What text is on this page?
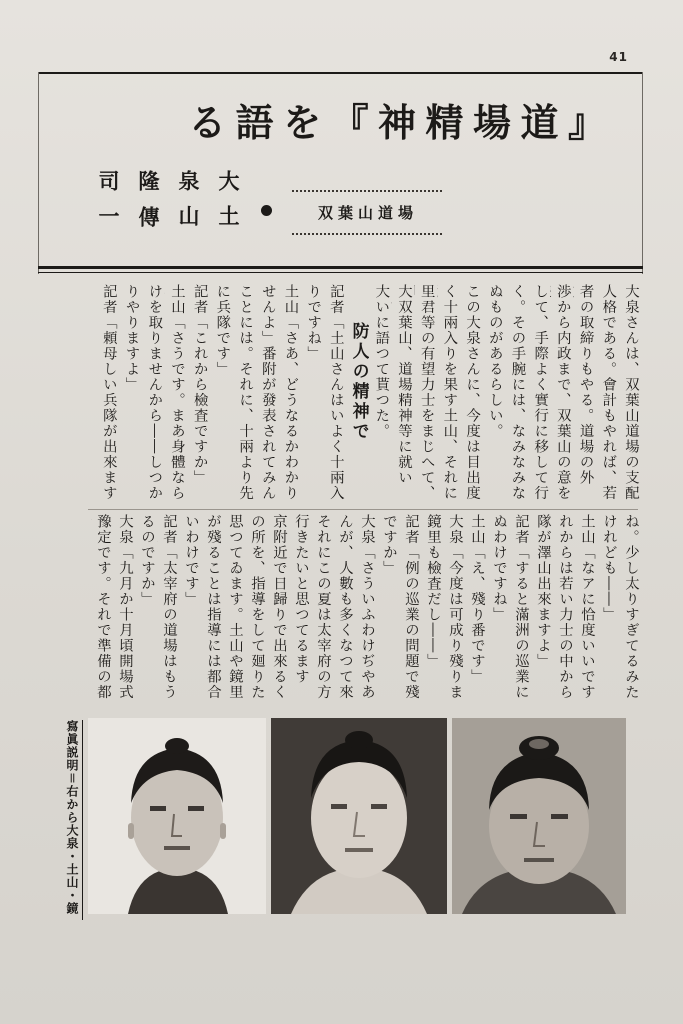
41
『
道
場
精
神
』
を
語
る
大土
泉山
傳
隆
司一	双葉山道場
大泉さんは、双葉山道場の支配
人格である。會計もやれば、若
者の取締りもやる。道場の外
渉から内政まで、双葉山の意を
して、手際よく實行に移して行
く。その手腕には、なみなみな
ぬものがあるらしい。
この大泉さんに、今度は目出度
く十兩入りを果す土山、それに
里君等の有望力士をまじへて、
大双葉山、道場精神等に就い
大いに語つて貰つた。
防人の精神で
記者「土山さんはいよく十兩入
りですね」
土山「さあ、どうなるかわかり
せんよ」番附が發表されてみん
ことには。それに、十兩より先
に兵隊です」
記者「これから檢査ですか」
土山「さうです。まあ身體なら
けを取りませんから――しつか
りやりますよ」
記者「頼母しい兵隊が出來ます
ね。少し太りすぎてるみた
けれども――」
土山「なアに恰度いいです
れからは若い力士の中から
隊が澤山出來ますよ」
記者「すると滿洲の巡業に
ぬわけですね」
土山「え、殘り番です」
大泉「今度は可成り殘りま
鏡里も檢査だし――」
記者「例の巡業の問題で殘
ですか」
大泉「さういふわけぢやあ
んが、人數も多くなつて來
それにこの夏は太宰府の方
行きたいと思つてるます
京附近で日歸りで出來るく
の所を、指導をして廻りた
思つてゐます。土山や鏡里
が殘ることは指導には都合
いわけです」
記者「太宰府の道場はもう
るのですか」
大泉「九月か十月頃開場式
豫定です。それで準備の都
寫眞説明＝右から大泉・土山・鏡
